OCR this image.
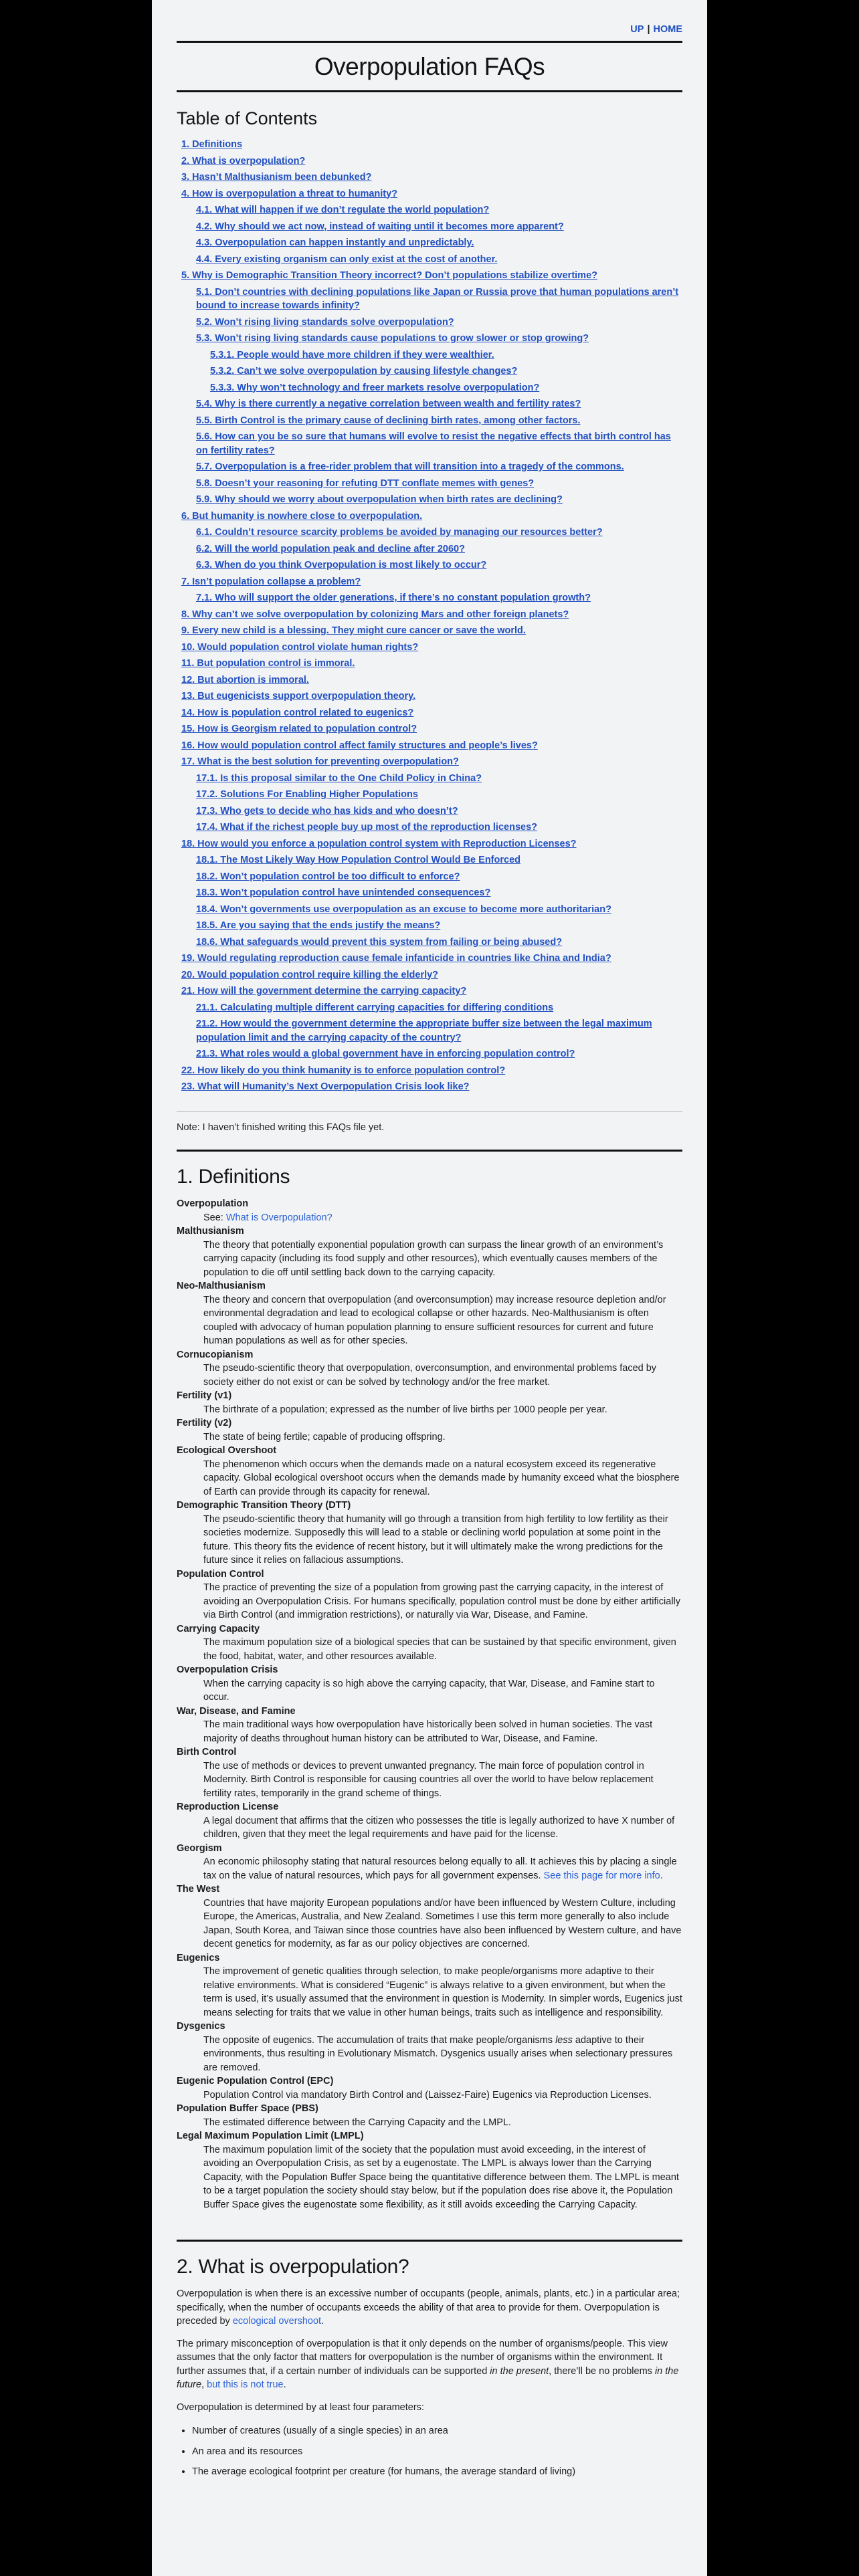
UP | HOME
Overpopulation FAQs
Table of Contents
1. Definitions
2. What is overpopulation?
3. Hasn’t Malthusianism been debunked?
4. How is overpopulation a threat to humanity?
4.1. What will happen if we don’t regulate the world population?
4.2. Why should we act now, instead of waiting until it becomes more apparent?
4.3. Overpopulation can happen instantly and unpredictably.
4.4. Every existing organism can only exist at the cost of another.
5. Why is Demographic Transition Theory incorrect? Don’t populations stabilize overtime?
5.1. Don’t countries with declining populations like Japan or Russia prove that human populations aren’t bound to increase towards infinity?
5.2. Won’t rising living standards solve overpopulation?
5.3. Won’t rising living standards cause populations to grow slower or stop growing?
5.3.1. People would have more children if they were wealthier.
5.3.2. Can’t we solve overpopulation by causing lifestyle changes?
5.3.3. Why won’t technology and freer markets resolve overpopulation?
5.4. Why is there currently a negative correlation between wealth and fertility rates?
5.5. Birth Control is the primary cause of declining birth rates, among other factors.
5.6. How can you be so sure that humans will evolve to resist the negative effects that birth control has on fertility rates?
5.7. Overpopulation is a free-rider problem that will transition into a tragedy of the commons.
5.8. Doesn’t your reasoning for refuting DTT conflate memes with genes?
5.9. Why should we worry about overpopulation when birth rates are declining?
6. But humanity is nowhere close to overpopulation.
6.1. Couldn’t resource scarcity problems be avoided by managing our resources better?
6.2. Will the world population peak and decline after 2060?
6.3. When do you think Overpopulation is most likely to occur?
7. Isn’t population collapse a problem?
7.1. Who will support the older generations, if there’s no constant population growth?
8. Why can’t we solve overpopulation by colonizing Mars and other foreign planets?
9. Every new child is a blessing. They might cure cancer or save the world.
10. Would population control violate human rights?
11. But population control is immoral.
12. But abortion is immoral.
13. But eugenicists support overpopulation theory.
14. How is population control related to eugenics?
15. How is Georgism related to population control?
16. How would population control affect family structures and people’s lives?
17. What is the best solution for preventing overpopulation?
17.1. Is this proposal similar to the One Child Policy in China?
17.2. Solutions For Enabling Higher Populations
17.3. Who gets to decide who has kids and who doesn’t?
17.4. What if the richest people buy up most of the reproduction licenses?
18. How would you enforce a population control system with Reproduction Licenses?
18.1. The Most Likely Way How Population Control Would Be Enforced
18.2. Won’t population control be too difficult to enforce?
18.3. Won’t population control have unintended consequences?
18.4. Won’t governments use overpopulation as an excuse to become more authoritarian?
18.5. Are you saying that the ends justify the means?
18.6. What safeguards would prevent this system from failing or being abused?
19. Would regulating reproduction cause female infanticide in countries like China and India?
20. Would population control require killing the elderly?
21. How will the government determine the carrying capacity?
21.1. Calculating multiple different carrying capacities for differing conditions
21.2. How would the government determine the appropriate buffer size between the legal maximum population limit and the carrying capacity of the country?
21.3. What roles would a global government have in enforcing population control?
22. How likely do you think humanity is to enforce population control?
23. What will Humanity’s Next Overpopulation Crisis look like?

Note: I haven’t finished writing this FAQs file yet.

1. Definitions
Overpopulation
See: What is Overpopulation?
Malthusianism
The theory that potentially exponential population growth can surpass the linear growth of an environment’s carrying capacity (including its food supply and other resources), which eventually causes members of the population to die off until settling back down to the carrying capacity.
Neo-Malthusianism
The theory and concern that overpopulation (and overconsumption) may increase resource depletion and/or environmental degradation and lead to ecological collapse or other hazards. Neo-Malthusianism is often coupled with advocacy of human population planning to ensure sufficient resources for current and future human populations as well as for other species.
Cornucopianism
The pseudo-scientific theory that overpopulation, overconsumption, and environmental problems faced by society either do not exist or can be solved by technology and/or the free market.
Fertility (v1)
The birthrate of a population; expressed as the number of live births per 1000 people per year.
Fertility (v2)
The state of being fertile; capable of producing offspring.
Ecological Overshoot
The phenomenon which occurs when the demands made on a natural ecosystem exceed its regenerative capacity. Global ecological overshoot occurs when the demands made by humanity exceed what the biosphere of Earth can provide through its capacity for renewal.
Demographic Transition Theory (DTT)
The pseudo-scientific theory that humanity will go through a transition from high fertility to low fertility as their societies modernize. Supposedly this will lead to a stable or declining world population at some point in the future. This theory fits the evidence of recent history, but it will ultimately make the wrong predictions for the future since it relies on fallacious assumptions.
Population Control
The practice of preventing the size of a population from growing past the carrying capacity, in the interest of avoiding an Overpopulation Crisis. For humans specifically, population control must be done by either artificially via Birth Control (and immigration restrictions), or naturally via War, Disease, and Famine.
Carrying Capacity
The maximum population size of a biological species that can be sustained by that specific environment, given the food, habitat, water, and other resources available.
Overpopulation Crisis
When the carrying capacity is so high above the carrying capacity, that War, Disease, and Famine start to occur.
War, Disease, and Famine
The main traditional ways how overpopulation have historically been solved in human societies. The vast majority of deaths throughout human history can be attributed to War, Disease, and Famine.
Birth Control
The use of methods or devices to prevent unwanted pregnancy. The main force of population control in Modernity. Birth Control is responsible for causing countries all over the world to have below replacement fertility rates, temporarily in the grand scheme of things.
Reproduction License
A legal document that affirms that the citizen who possesses the title is legally authorized to have X number of children, given that they meet the legal requirements and have paid for the license.
Georgism
An economic philosophy stating that natural resources belong equally to all. It achieves this by placing a single tax on the value of natural resources, which pays for all government expenses. See this page for more info.
The West
Countries that have majority European populations and/or have been influenced by Western Culture, including Europe, the Americas, Australia, and New Zealand. Sometimes I use this term more generally to also include Japan, South Korea, and Taiwan since those countries have also been influenced by Western culture, and have decent genetics for modernity, as far as our policy objectives are concerned.
Eugenics
The improvement of genetic qualities through selection, to make people/organisms more adaptive to their relative environments. What is considered “Eugenic” is always relative to a given environment, but when the term is used, it’s usually assumed that the environment in question is Modernity. In simpler words, Eugenics just means selecting for traits that we value in other human beings, traits such as intelligence and responsibility.
Dysgenics
The opposite of eugenics. The accumulation of traits that make people/organisms less adaptive to their environments, thus resulting in Evolutionary Mismatch. Dysgenics usually arises when selectionary pressures are removed.
Eugenic Population Control (EPC)
Population Control via mandatory Birth Control and (Laissez-Faire) Eugenics via Reproduction Licenses.
Population Buffer Space (PBS)
The estimated difference between the Carrying Capacity and the LMPL.
Legal Maximum Population Limit (LMPL)
The maximum population limit of the society that the population must avoid exceeding, in the interest of avoiding an Overpopulation Crisis, as set by a eugenostate. The LMPL is always lower than the Carrying Capacity, with the Population Buffer Space being the quantitative difference between them. The LMPL is meant to be a target population the society should stay below, but if the population does rise above it, the Population Buffer Space gives the eugenostate some flexibility, as it still avoids exceeding the Carrying Capacity.
2. What is overpopulation?

Overpopulation is when there is an excessive number of occupants (people, animals, plants, etc.) in a particular area; specifically, when the number of occupants exceeds the ability of that area to provide for them. Overpopulation is preceded by ecological overshoot.

The primary misconception of overpopulation is that it only depends on the number of organisms/people. This view assumes that the only factor that matters for overpopulation is the number of organisms within the environment. It further assumes that, if a certain number of individuals can be supported in the present, there’ll be no problems in the future, but this is not true.

Overpopulation is determined by at least four parameters:

• Number of creatures (usually of a single species) in an area
• An area and its resources
• The average ecological footprint per creature (for humans, the average standard of living)
